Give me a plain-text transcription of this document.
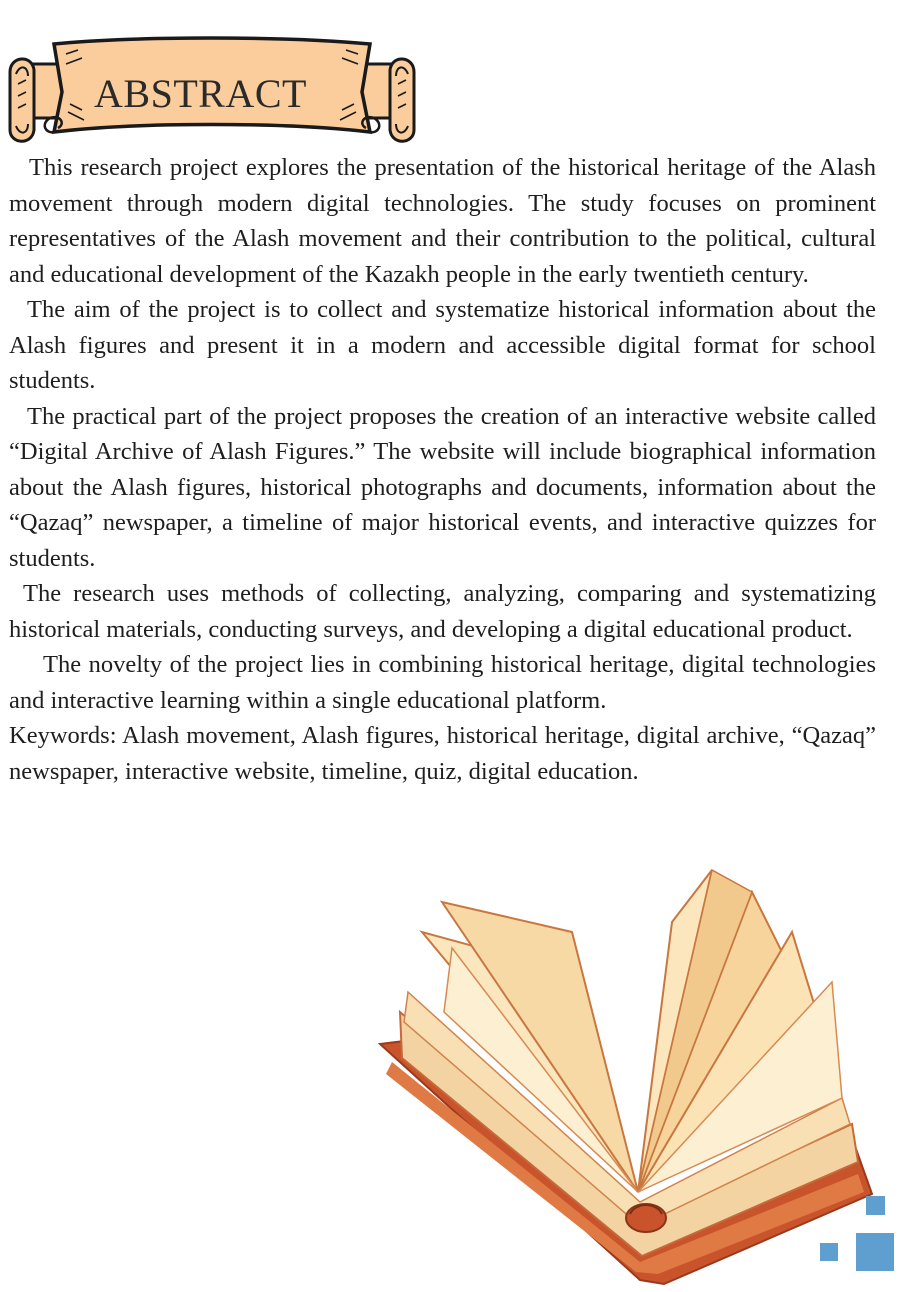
ABSTRACT

This research project explores the presentation of the historical heritage of the Alash movement through modern digital technologies. The study focuses on prominent representatives of the Alash movement and their contribution to the political, cultural and educational development of the Kazakh people in the early twentieth century.

The aim of the project is to collect and systematize historical information about the Alash figures and present it in a modern and accessible digital format for school students.

The practical part of the project proposes the creation of an interactive website called “Digital Archive of Alash Figures.” The website will include biographical information about the Alash figures, historical photographs and documents, information about the “Qazaq” newspaper, a timeline of major historical events, and interactive quizzes for students.

The research uses methods of collecting, analyzing, comparing and systematizing historical materials, conducting surveys, and developing a digital educational product.

The novelty of the project lies in combining historical heritage, digital technologies and interactive learning within a single educational platform.

Keywords: Alash movement, Alash figures, historical heritage, digital archive, “Qazaq” newspaper, interactive website, timeline, quiz, digital education.
